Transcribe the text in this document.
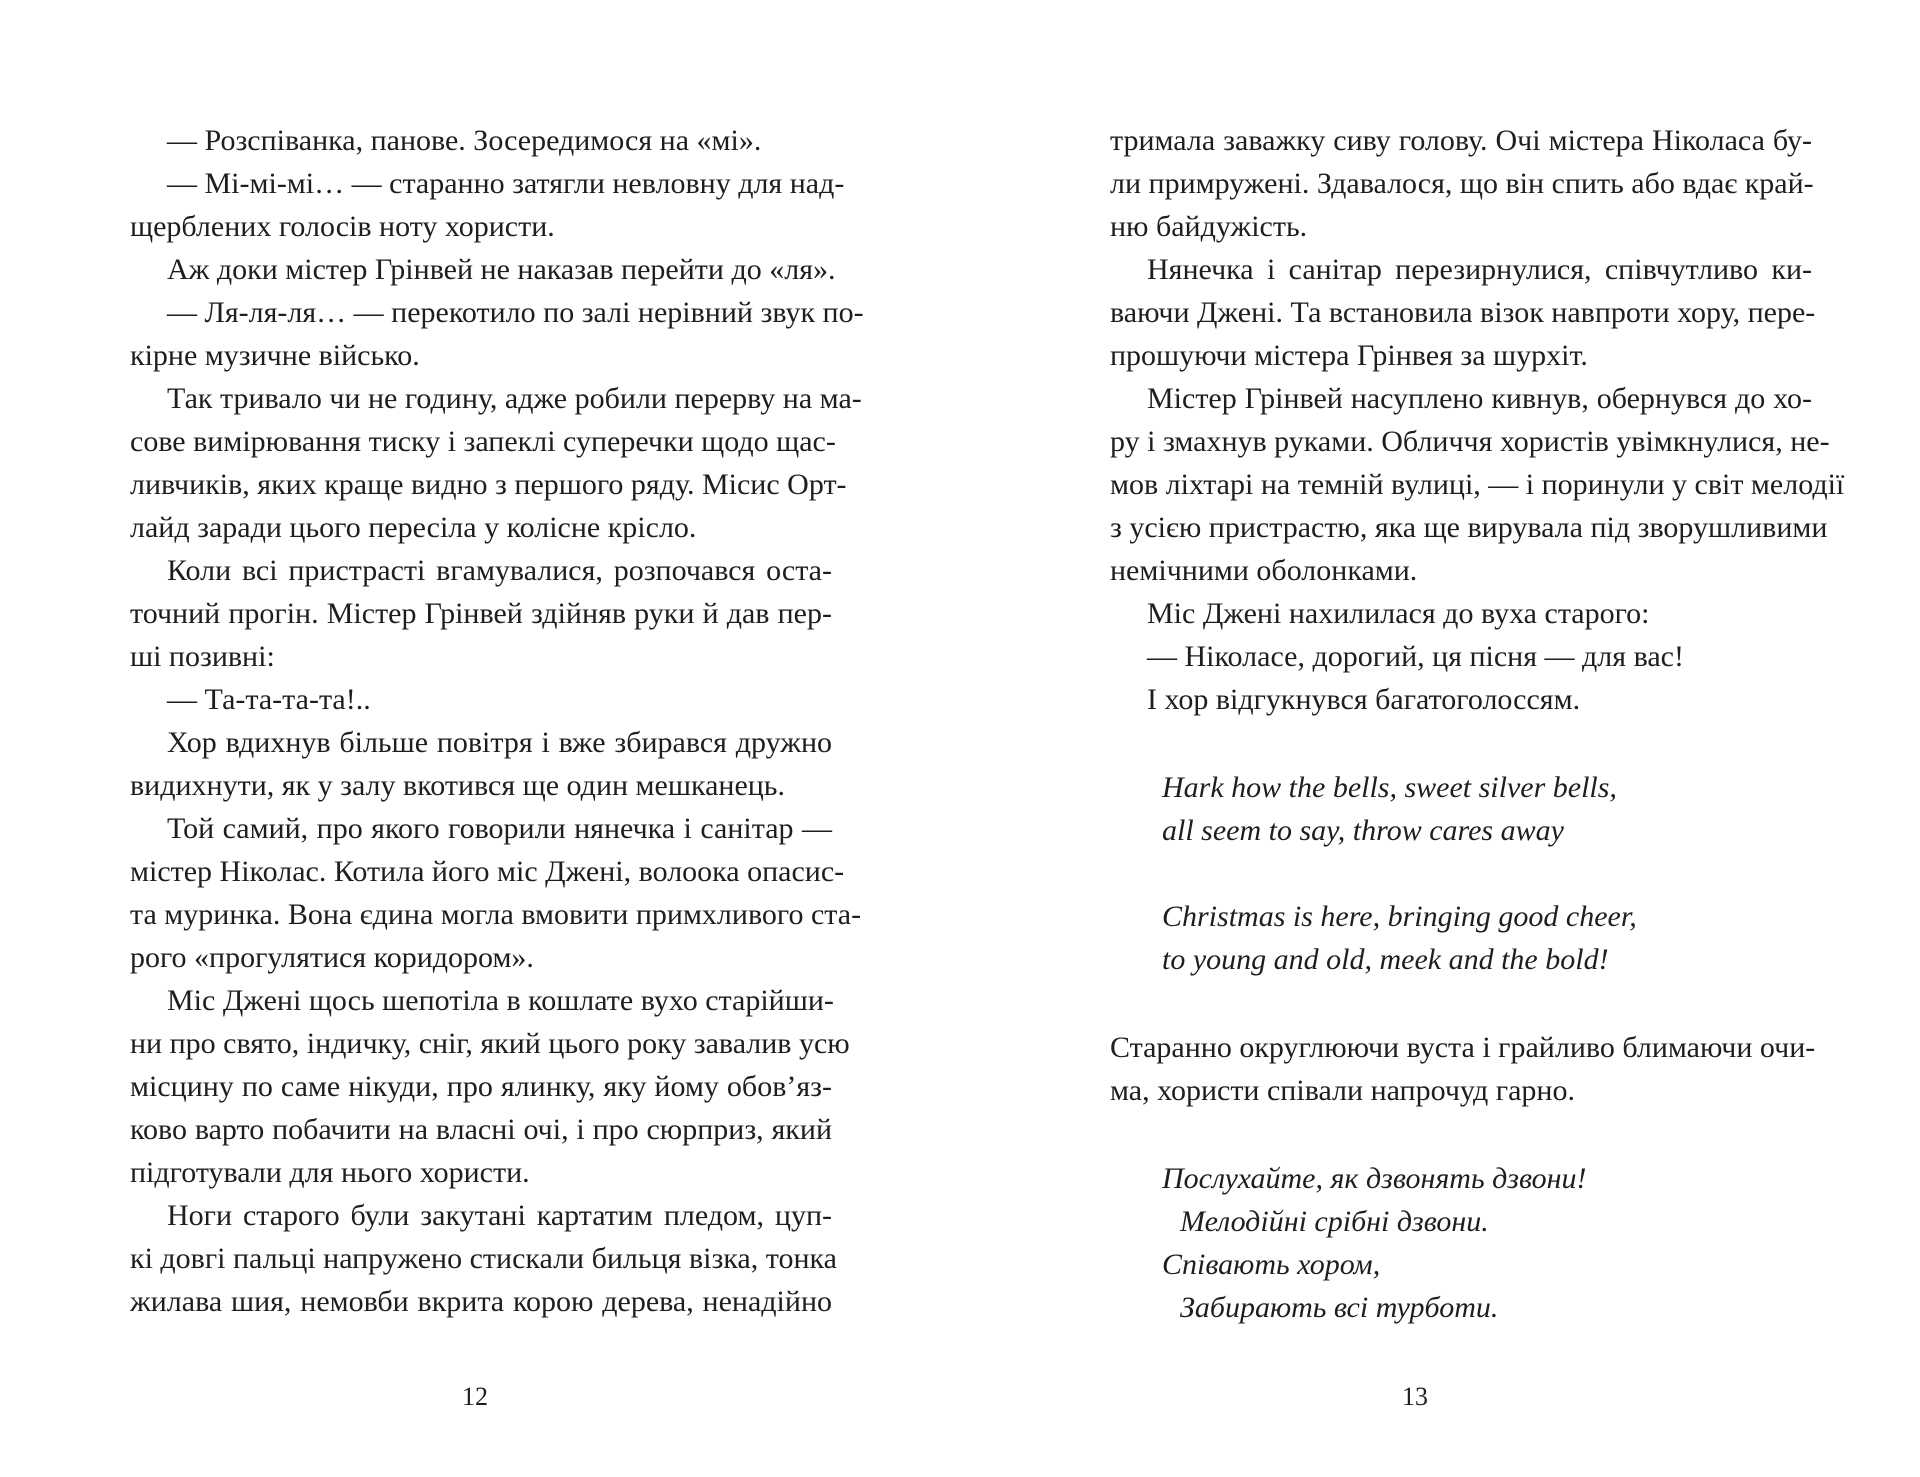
— Розспіванка, панове. Зосередимося на «мі».
— Мі-мі-мі… — старанно затягли невловну для над-
щерблених голосів ноту хористи.
Аж доки містер Грінвей не наказав перейти до «ля».
— Ля-ля-ля… — перекотило по залі нерівний звук по-
кірне музичне військо.
Так тривало чи не годину, адже робили перерву на ма-
сове вимірювання тиску і запеклі суперечки щодо щас-
ливчиків, яких краще видно з першого ряду. Місис Орт-
лайд заради цього пересіла у колісне крісло.
Коли всі пристрасті вгамувалися, розпочався оста-
точний прогін. Містер Грінвей здійняв руки й дав пер-
ші позивні:
— Та-та-та-та!..
Хор вдихнув більше повітря і вже збирався дружно
видихнути, як у залу вкотився ще один мешканець.
Той самий, про якого говорили нянечка і санітар —
містер Ніколас. Котила його міс Джені, волоока опасис-
та муринка. Вона єдина могла вмовити примхливого ста-
рого «прогулятися коридором».
Міс Джені щось шепотіла в кошлате вухо старійши-
ни про свято, індичку, сніг, який цього року завалив усю
місцину по саме нікуди, про ялинку, яку йому обов’яз-
ково варто побачити на власні очі, і про сюрприз, який
підготували для нього хористи.
Ноги старого були закутані картатим пледом, цуп-
кі довгі пальці напружено стискали бильця візка, тонка
жилава шия, немовби вкрита корою дерева, ненадійно
12
тримала заважку сиву голову. Очі містера Ніколаса бу-
ли примружені. Здавалося, що він спить або вдає край-
ню байдужість.
Нянечка і санітар перезирнулися, співчутливо ки-
ваючи Джені. Та встановила візок навпроти хору, пере-
прошуючи містера Грінвея за шурхіт.
Містер Грінвей насуплено кивнув, обернувся до хо-
ру і змахнув руками. Обличчя хористів увімкнулися, не-
мов ліхтарі на темній вулиці, — і поринули у світ мелодії
з усією пристрастю, яка ще вирувала під зворушливими
немічними оболонками.
Міс Джені нахилилася до вуха старого:
— Ніколасе, дорогий, ця пісня — для вас!
І хор відгукнувся багатоголоссям.
Hark how the bells, sweet silver bells,
all seem to say, throw cares away
Christmas is here, bringing good cheer,
to young and old, meek and the bold!
Старанно округлюючи вуста і грайливо блимаючи очи-
ма, хористи співали напрочуд гарно.
Послухайте, як дзвонять дзвони!
Мелодійні срібні дзвони.
Співають хором,
Забирають всі турботи.
13
